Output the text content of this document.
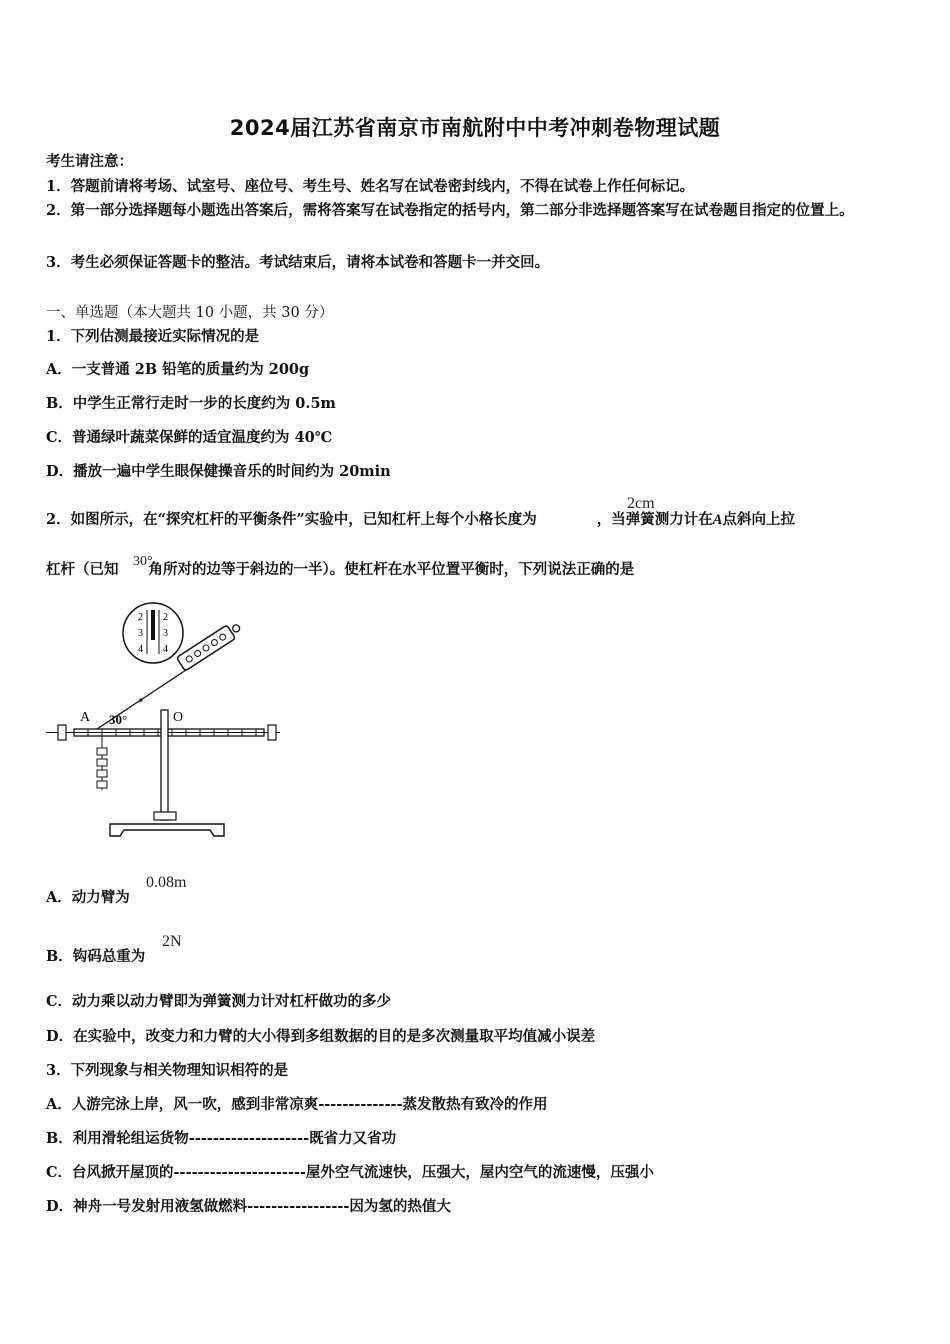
2024届江苏省南京市南航附中中考冲刺卷物理试题
考生请注意：
1．答题前请将考场、试室号、座位号、考生号、姓名写在试卷密封线内，不得在试卷上作任何标记。
2．第一部分选择题每小题选出答案后，需将答案写在试卷指定的括号内，第二部分非选择题答案写在试卷题目指定的位置上。
3．考生必须保证答题卡的整洁。考试结束后，请将本试卷和答题卡一并交回。
一、单选题（本大题共 10 小题，共 30 分）
1．下列估测最接近实际情况的是
A．一支普通 2B 铅笔的质量约为 200g
B．中学生正常行走时一步的长度约为 0.5m
C．普通绿叶蔬菜保鲜的适宜温度约为 40℃
D．播放一遍中学生眼保健操音乐的时间约为 20min
2．如图所示，在“探究杠杆的平衡条件”实验中，已知杠杆上每个小格长度为	，当弹簧测力计在A点斜向上拉
2cm
杠杆（已知 角所对的边等于斜边的一半）。使杠杆在水平位置平衡时，下列说法正确的是
30°
2
3
4
2
3
4
A 30°	O
A．动力臂为
0.08m
B．钩码总重为
2N
C．动力乘以动力臂即为弹簧测力计对杠杆做功的多少
D．在实验中，改变力和力臂的大小得到多组数据的目的是多次测量取平均值减小误差
3．下列现象与相关物理知识相符的是
A．人游完泳上岸，风一吹，感到非常凉爽--------------蒸发散热有致冷的作用
B．利用滑轮组运货物--------------------既省力又省功
C．台风掀开屋顶的----------------------屋外空气流速快，压强大，屋内空气的流速慢，压强小
D．神舟一号发射用液氢做燃料-----------------因为氢的热值大
